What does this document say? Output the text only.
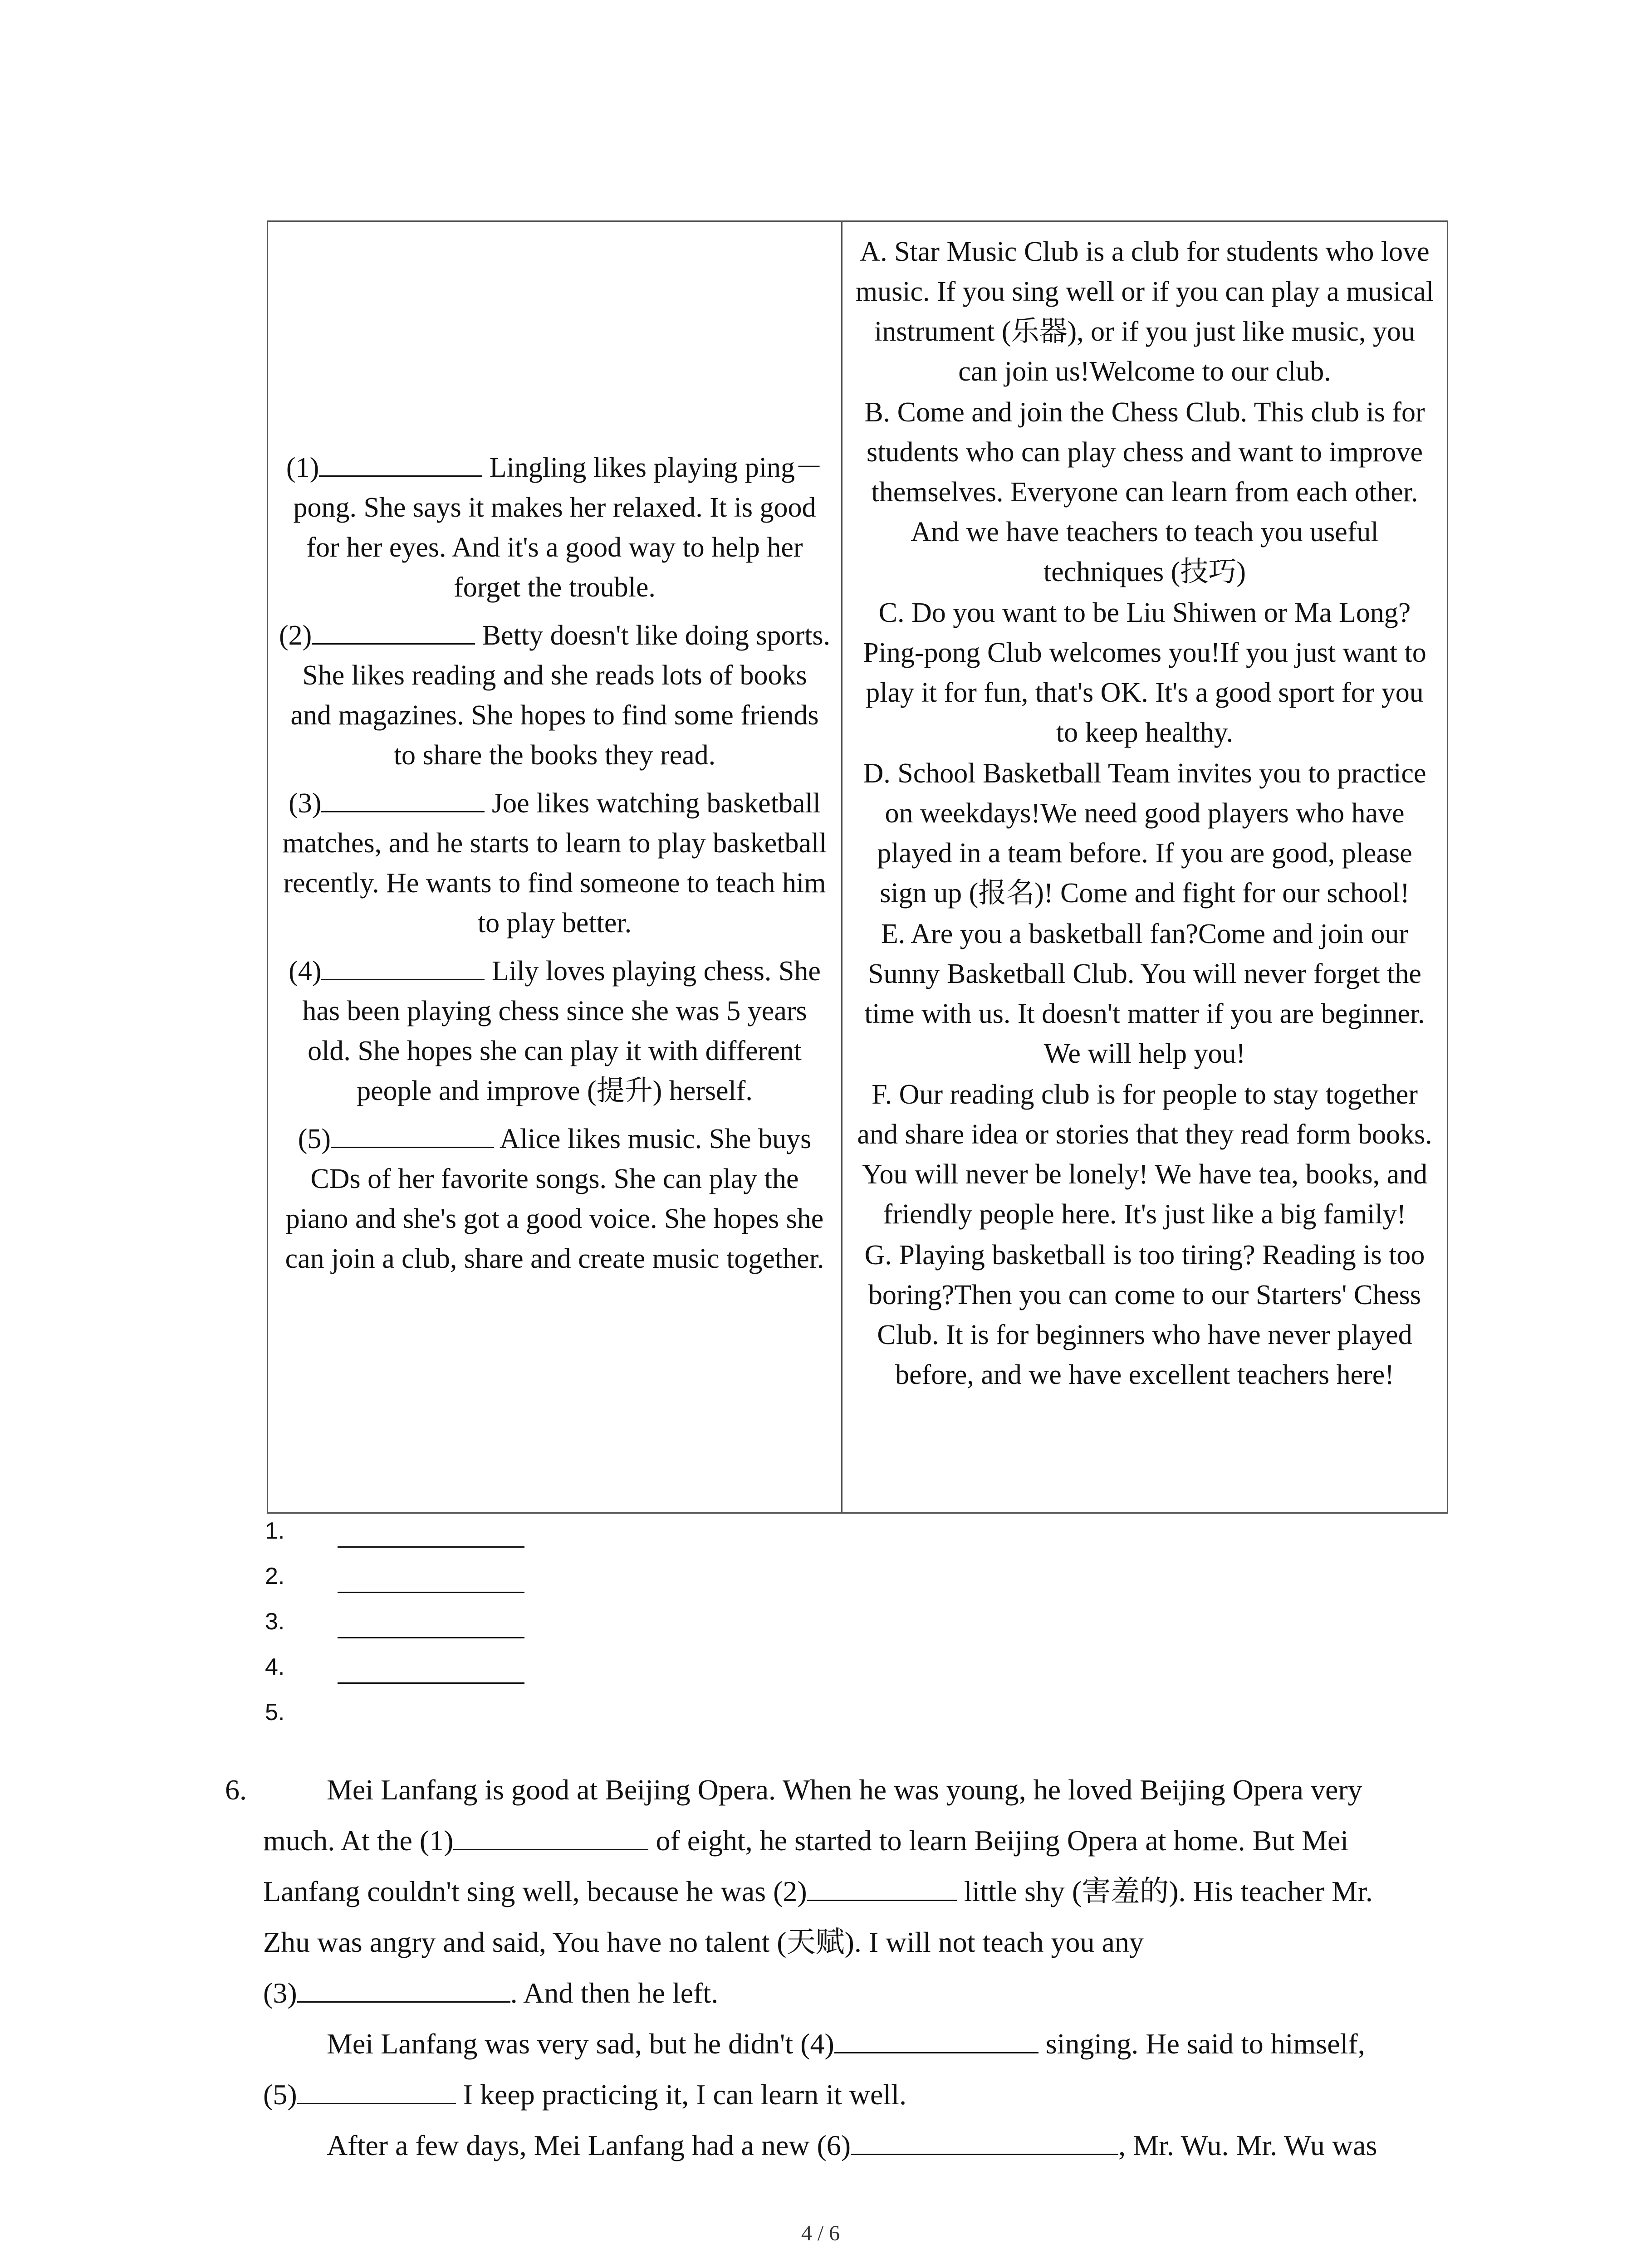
(1)	Lingling likes playing ping－pong. She says it makes her relaxed. It is good for her eyes. And it's a good way to help her forget the trouble.
(2)	Betty doesn't like doing sports. She likes reading and she reads lots of books and magazines. She hopes to find some friends to share the books they read.
(3)	Joe likes watching basketball matches, and he starts to learn to play basketball recently. He wants to find someone to teach him to play better.
(4)	Lily loves playing chess. She has been playing chess since she was 5 years old. She hopes she can play it with different people and improve (提升) herself.
(5)	Alice likes music. She buys CDs of her favorite songs. She can play the piano and she's got a good voice. She hopes she can join a club, share and create music together.
A. Star Music Club is a club for students who love music. If you sing well or if you can play a musical instrument (乐器), or if you just like music, you can join us!Welcome to our club.
B. Come and join the Chess Club. This club is for students who can play chess and want to improve themselves. Everyone can learn from each other. And we have teachers to teach you useful techniques (技巧)
C. Do you want to be Liu Shiwen or Ma Long? Ping-pong Club welcomes you!If you just want to play it for fun, that's OK. It's a good sport for you to keep healthy.
D. School Basketball Team invites you to practice on weekdays!We need good players who have played in a team before. If you are good, please sign up (报名)! Come and fight for our school!
E. Are you a basketball fan?Come and join our Sunny Basketball Club. You will never forget the time with us. It doesn't matter if you are beginner. We will help you!
F. Our reading club is for people to stay together and share idea or stories that they read form books. You will never be lonely! We have tea, books, and friendly people here. It's just like a big family!
G. Playing basketball is too tiring? Reading is too boring?Then you can come to our Starters' Chess Club. It is for beginners who have never played before, and we have excellent teachers here!
1.
2.
3.
4.
5.
6.	Mei Lanfang is good at Beijing Opera. When he was young, he loved Beijing Opera very
much. At the (1)	of eight, he started to learn Beijing Opera at home. But Mei
Lanfang couldn't sing well, because he was (2)	little shy (害羞的). His teacher Mr.
Zhu was angry and said, You have no talent (天赋). I will not teach you any
(3)	. And then he left.
Mei Lanfang was very sad, but he didn't (4)	singing. He said to himself,
(5)	I keep practicing it, I can learn it well.
After a few days, Mei Lanfang had a new (6)	, Mr. Wu. Mr. Wu was
4 / 6
